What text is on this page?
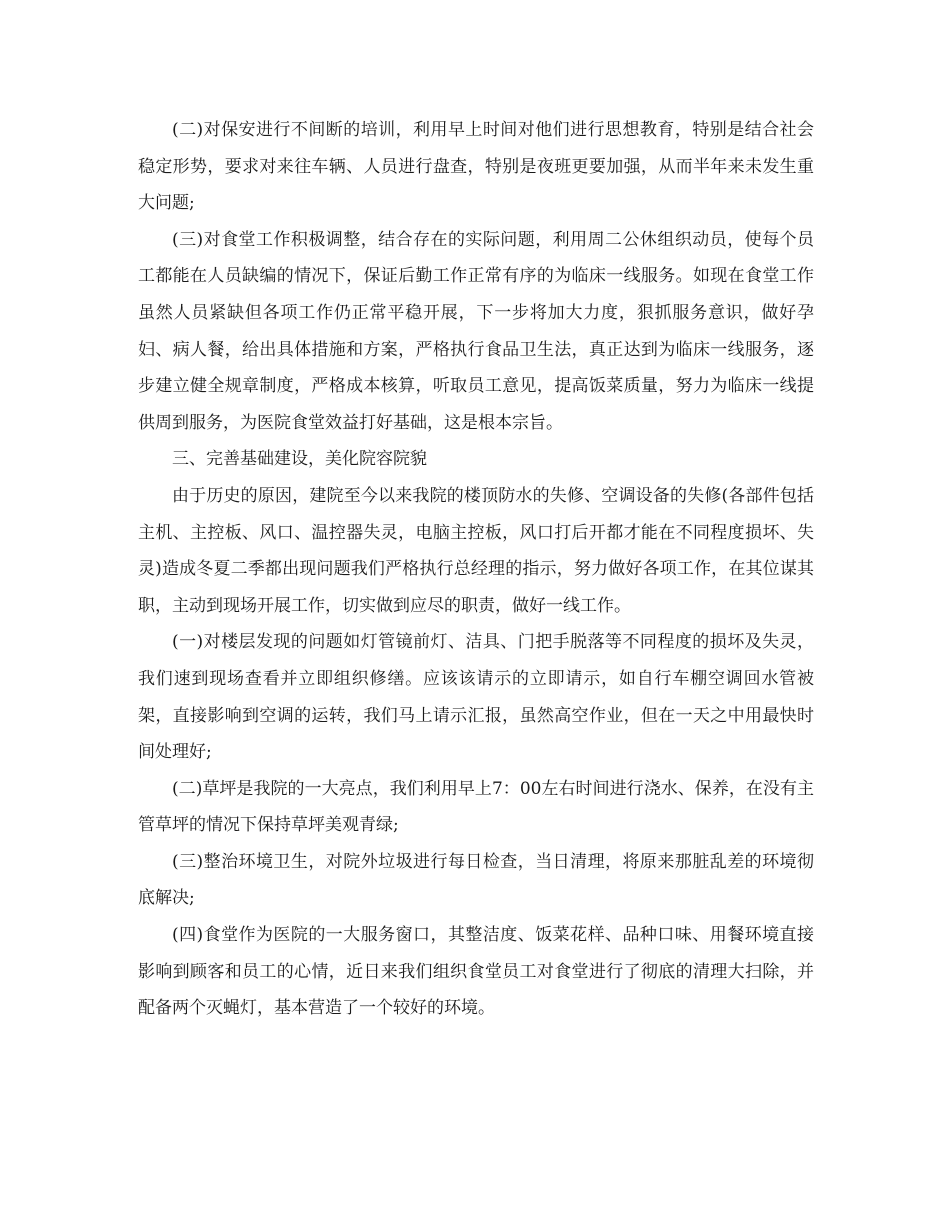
(二)对保安进行不间断的培训，利用早上时间对他们进行思想教育，特别是结合社会稳定形势，要求对来往车辆、人员进行盘查，特别是夜班更要加强，从而半年来未发生重大问题;

(三)对食堂工作积极调整，结合存在的实际问题，利用周二公休组织动员，使每个员工都能在人员缺编的情况下，保证后勤工作正常有序的为临床一线服务。如现在食堂工作虽然人员紧缺但各项工作仍正常平稳开展，下一步将加大力度，狠抓服务意识，做好孕妇、病人餐，给出具体措施和方案，严格执行食品卫生法，真正达到为临床一线服务，逐步建立健全规章制度，严格成本核算，听取员工意见，提高饭菜质量，努力为临床一线提供周到服务，为医院食堂效益打好基础，这是根本宗旨。

三、完善基础建设，美化院容院貌

由于历史的原因，建院至今以来我院的楼顶防水的失修、空调设备的失修(各部件包括主机、主控板、风口、温控器失灵，电脑主控板，风口打后开都才能在不同程度损坏、失灵)造成冬夏二季都出现问题我们严格执行总经理的指示，努力做好各项工作，在其位谋其职，主动到现场开展工作，切实做到应尽的职责，做好一线工作。

(一)对楼层发现的问题如灯管镜前灯、洁具、门把手脱落等不同程度的损坏及失灵，我们速到现场查看并立即组织修缮。应该该请示的立即请示，如自行车棚空调回水管被架，直接影响到空调的运转，我们马上请示汇报，虽然高空作业，但在一天之中用最快时间处理好;

(二)草坪是我院的一大亮点，我们利用早上7：00左右时间进行浇水、保养，在没有主管草坪的情况下保持草坪美观青绿;

(三)整治环境卫生，对院外垃圾进行每日检查，当日清理，将原来那脏乱差的环境彻底解决;

(四)食堂作为医院的一大服务窗口，其整洁度、饭菜花样、品种口味、用餐环境直接影响到顾客和员工的心情，近日来我们组织食堂员工对食堂进行了彻底的清理大扫除，并配备两个灭蝇灯，基本营造了一个较好的环境。
